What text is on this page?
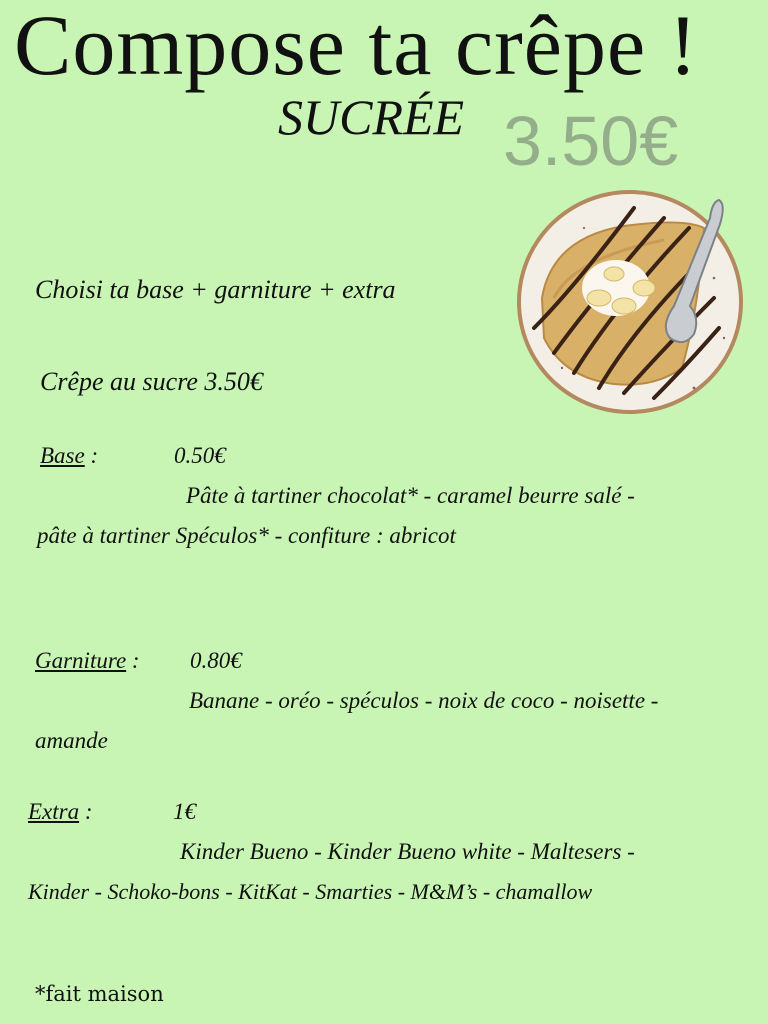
Compose ta crêpe !
SUCRÉE 3.50€
Choisi ta base + garniture + extra
Crêpe au sucre 3.50€
Base :	0.50€
Pâte à tartiner chocolat* - caramel beurre salé -
pâte à tartiner Spéculos* - confiture : abricot
Garniture : 0.80€
Banane - oréo - spéculos - noix de coco - noisette -
amande
Extra :	1€
Kinder Bueno - Kinder Bueno white - Maltesers -
Kinder - Schoko-bons - KitKat - Smarties - M&M’s - chamallow
*fait maison
